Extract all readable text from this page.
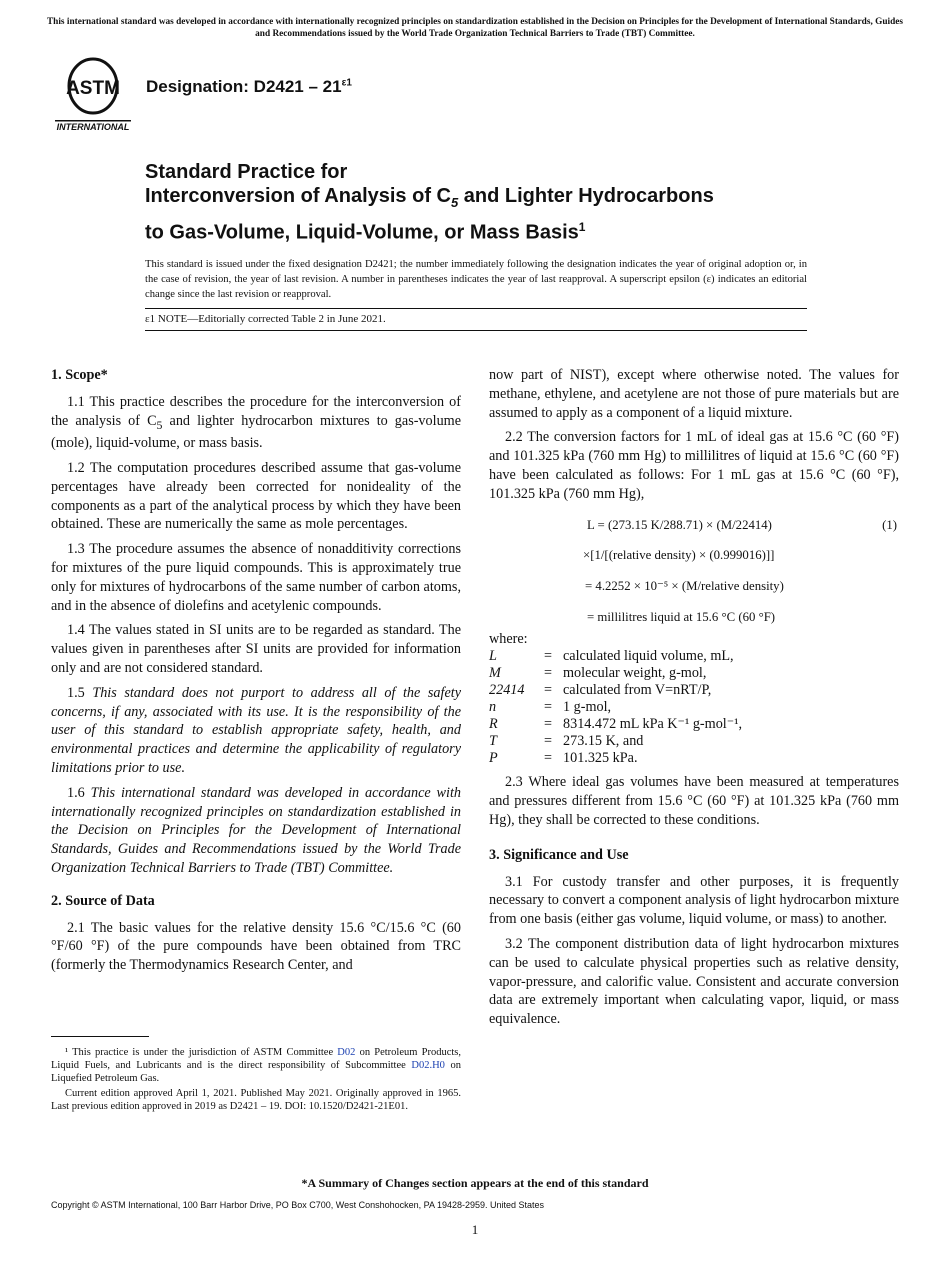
This international standard was developed in accordance with internationally recognized principles on standardization established in the Decision on Principles for the Development of International Standards, Guides and Recommendations issued by the World Trade Organization Technical Barriers to Trade (TBT) Committee.
ASTM
INTERNATIONAL
Designation: $D2421 - 21^{\varepsilon 1}$
Standard Practice for
Interconversion of Analysis of $C_5$ and Lighter Hydrocarbons
to Gas-Volume, Liquid-Volume, or Mass Basis$^1$
This standard is issued under the fixed designation D2421; the number immediately following the designation indicates the year of original adoption or, in the case of revision, the year of last revision. A number in parentheses indicates the year of last reapproval. A superscript epsilon (ε) indicates an editorial change since the last revision or reapproval.
ε1 NOTE—Editorially corrected Table 2 in June 2021.
1. Scope*

1.1 This practice describes the procedure for the interconversion of the analysis of $C_5$ and lighter hydrocarbon mixtures to gas-volume (mole), liquid-volume, or mass basis.

1.2 The computation procedures described assume that gas-volume percentages have already been corrected for nonideality of the components as a part of the analytical process by which they have been obtained. These are numerically the same as mole percentages.

1.3 The procedure assumes the absence of nonadditivity corrections for mixtures of the pure liquid compounds. This is approximately true only for mixtures of hydrocarbons of the same number of carbon atoms, and in the absence of diolefins and acetylenic compounds.

1.4 The values stated in SI units are to be regarded as standard. The values given in parentheses after SI units are provided for information only and are not considered standard.

1.5 This standard does not purport to address all of the safety concerns, if any, associated with its use. It is the responsibility of the user of this standard to establish appropriate safety, health, and environmental practices and determine the applicability of regulatory limitations prior to use.

1.6 This international standard was developed in accordance with internationally recognized principles on standardization established in the Decision on Principles for the Development of International Standards, Guides and Recommendations issued by the World Trade Organization Technical Barriers to Trade (TBT) Committee.

2. Source of Data

2.1 The basic values for the relative density 15.6 °C/15.6 °C (60 °F/60 °F) of the pure compounds have been obtained from TRC (formerly the Thermodynamics Research Center, and

¹ This practice is under the jurisdiction of ASTM Committee D02 on Petroleum Products, Liquid Fuels, and Lubricants and is the direct responsibility of Subcommittee D02.H0 on Liquefied Petroleum Gas.

Current edition approved April 1, 2021. Published May 2021. Originally approved in 1965. Last previous edition approved in 2019 as D2421 – 19. DOI: 10.1520/D2421-21E01.

now part of NIST), except where otherwise noted. The values for methane, ethylene, and acetylene are not those of pure materials but are assumed to apply as a component of a liquid mixture.

2.2 The conversion factors for 1 mL of ideal gas at 15.6 °C (60 °F) and 101.325 kPa (760 mm Hg) to millilitres of liquid at 15.6 °C (60 °F) have been calculated as follows: For 1 mL gas at 15.6 °C (60 °F), 101.325 kPa (760 mm Hg),

L = (273.15 K/288.71) × (M/22414)	(1)
×[1/[(relative density) × (0.999016)]]
= 4.2252 × 10⁻⁵ × (M/relative density)
= millilitres liquid at 15.6 °C (60 °F)
where:
L	=	calculated liquid volume, mL,
M	=	molecular weight, g-mol,
22414	=	calculated from V=nRT/P,
n	=	1 g-mol,
R	=	8314.472 mL kPa K⁻¹ g-mol⁻¹,
T	=	273.15 K, and
P	=	101.325 kPa.

2.3 Where ideal gas volumes have been measured at temperatures and pressures different from 15.6 °C (60 °F) at 101.325 kPa (760 mm Hg), they shall be corrected to these conditions.

3. Significance and Use

3.1 For custody transfer and other purposes, it is frequently necessary to convert a component analysis of light hydrocarbon mixture from one basis (either gas volume, liquid volume, or mass) to another.

3.2 The component distribution data of light hydrocarbon mixtures can be used to calculate physical properties such as relative density, vapor-pressure, and calorific value. Consistent and accurate conversion data are extremely important when calculating vapor, liquid, or mass equivalence.

*A Summary of Changes section appears at the end of this standard
Copyright © ASTM International, 100 Barr Harbor Drive, PO Box C700, West Conshohocken, PA 19428-2959. United States
1
